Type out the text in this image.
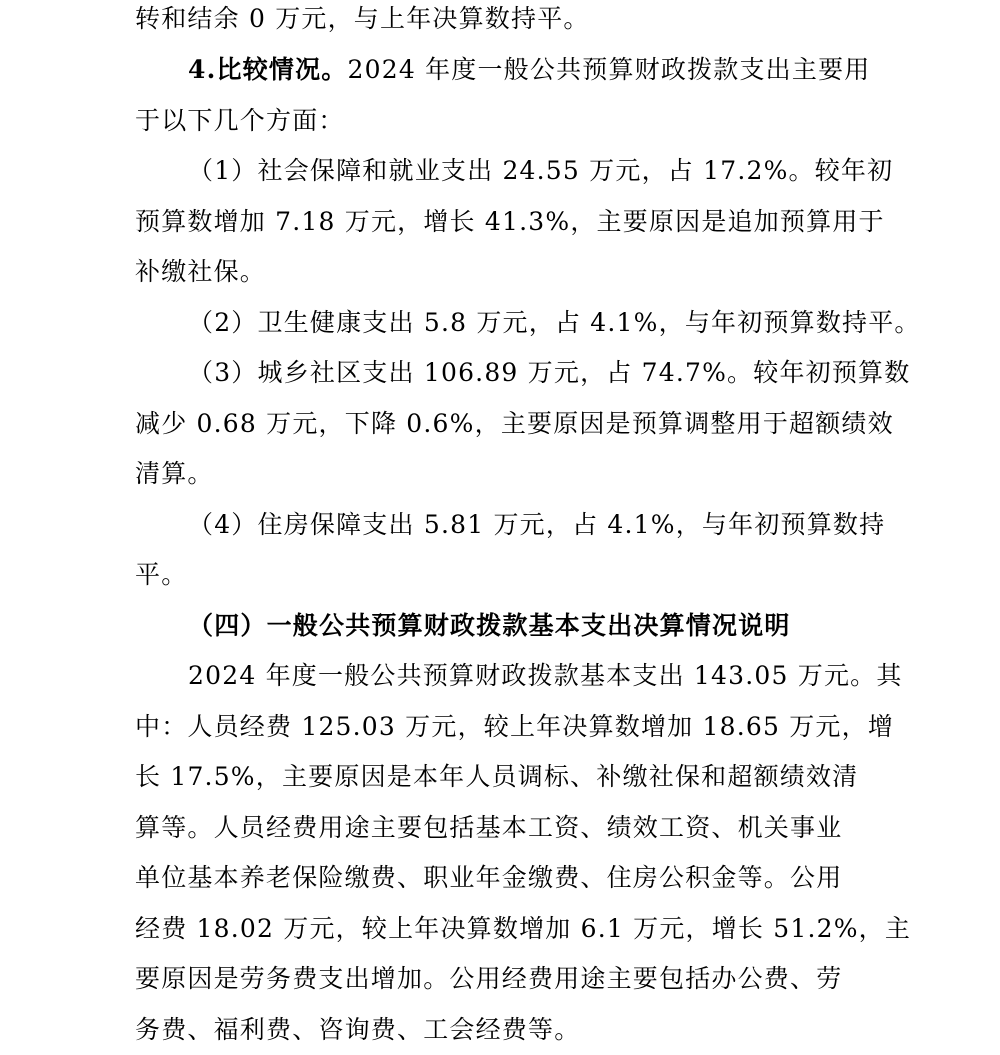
转和结余 0 万元，与上年决算数持平。
4.比较情况。2024 年度一般公共预算财政拨款支出主要用
于以下几个方面：
（1）社会保障和就业支出 24.55 万元，占 17.2%。较年初
预算数增加 7.18 万元，增长 41.3%，主要原因是追加预算用于
补缴社保。
（2）卫生健康支出 5.8 万元，占 4.1%，与年初预算数持平。
（3）城乡社区支出 106.89 万元，占 74.7%。较年初预算数
减少 0.68 万元，下降 0.6%，主要原因是预算调整用于超额绩效
清算。
（4）住房保障支出 5.81 万元，占 4.1%，与年初预算数持
平。
（四）一般公共预算财政拨款基本支出决算情况说明
2024 年度一般公共预算财政拨款基本支出 143.05 万元。其
中：人员经费 125.03 万元，较上年决算数增加 18.65 万元，增
长 17.5%，主要原因是本年人员调标、补缴社保和超额绩效清
算等。人员经费用途主要包括基本工资、绩效工资、机关事业
单位基本养老保险缴费、职业年金缴费、住房公积金等。公用
经费 18.02 万元，较上年决算数增加 6.1 万元，增长 51.2%，主
要原因是劳务费支出增加。公用经费用途主要包括办公费、劳
务费、福利费、咨询费、工会经费等。
